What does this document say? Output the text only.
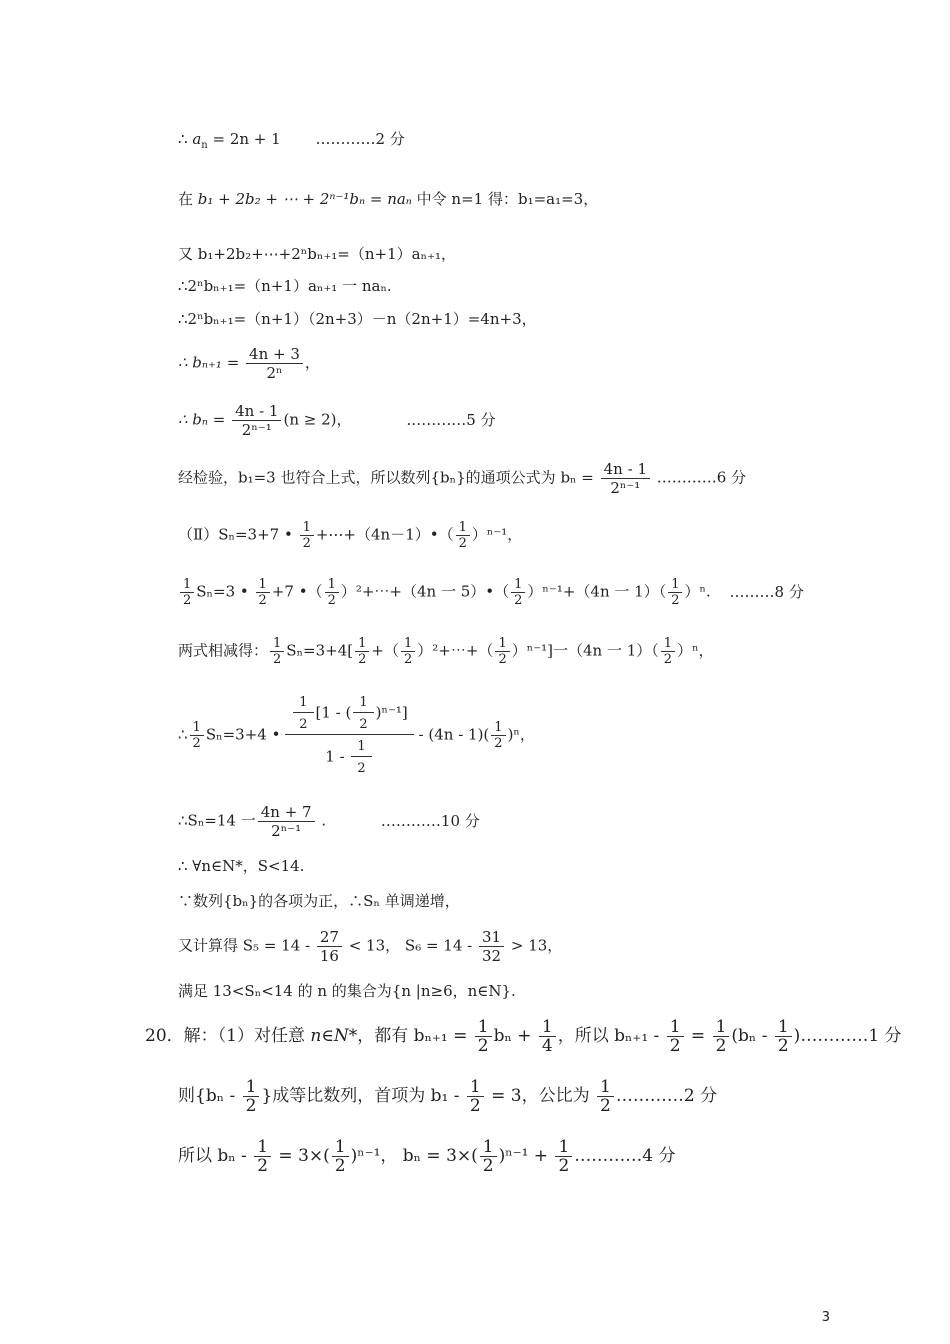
∴ $a_n = 2n + 1$ …………2 分
在 b₁ + 2b₂ + ⋯ + 2ⁿ⁻¹bₙ = naₙ 中令 n=1 得：b₁=a₁=3，
又 b₁+2b₂+⋯+2ⁿbₙ₊₁=（n+1）aₙ₊₁，
∴2ⁿbₙ₊₁=（n+1）aₙ₊₁ 一 naₙ.
∴2ⁿbₙ₊₁=（n+1）（2n+3）－n（2n+1）=4n+3，
∴ $b_{n+1} = \frac{4n + 3}{\text{2ⁿ}}$ ，
∴ $b_n = \frac{4n - 1}{\text{2ⁿ⁻¹}} (n \ge 2)$，	…………5 分
经检验，b₁=3 也符合上式，所以数列{bₙ}的通项公式为 $b_n = \frac{4n - 1}{\text{2ⁿ⁻¹}}$ …………6 分
（Ⅱ）Sₙ=3+7 • $\frac{1}{2}$ +⋯+（4n－1）•（ $\frac{1}{2} )^{n-1}$，
$\frac{1}{2} S_n=3$ • $\frac{1}{2} +7$ •（ $\frac{1}{2}$ ）²+⋯+（4n 一 5）•（ $\frac{1}{2} )^{n-1}+(4n$ 一 $1)( \frac{1}{2} )^n$. ………8 分
两式相减得： $\frac{1}{2} S_n=3+4[ \frac{1}{2}$ +（ $\frac{1}{2}$ ）²+⋯+（ $\frac{1}{2} )^{n-1}$]一（4n 一 $1)( \frac{1}{2} )^n$，
∴ $\frac{1}{2} S_n=3+4$ • $\frac{\frac{1}{2} [1 - ( \frac{1}{2} )^{n-1}]}{1 - \frac{1}{2}} - (4n - 1)( \frac{1}{2} )^n$，
∴Sₙ=14 一 $\frac{4n + 7}{\text{2ⁿ⁻¹}}$ .	…………10 分
∴ ∀n∈N*，S<14.
∵数列{bₙ}的各项为正，∴Sₙ 单调递增，
又计算得 $S_5 = 14 - \frac{27}{16} < 13$， $S_6 = 14 - \frac{31}{32} > 13$，
满足 13<Sₙ<14 的 n 的集合为{n |n≥6，n∈N}.
20．解：（1）对任意 n∈N*，都有 $b_{n+1} = \frac{1}{2}$ $b_n + \frac{1}{4}$ ，所以 $b_{n+1} - \frac{1}{2} = \frac{1}{2} (b_n - \frac{1}{2}$ )…………1 分
则{$b_n - \frac{1}{2}$ }成等比数列，首项为 $b_1 - \frac{1}{2} = 3$，公比为 $\frac{1}{2}$ …………2 分
所以 $b_n - \frac{1}{2} = 3\times( \frac{1}{2} )^{n-1}$， $b_n = 3\times( \frac{1}{2} )^{n-1} + \frac{1}{2}$ …………4 分
3
